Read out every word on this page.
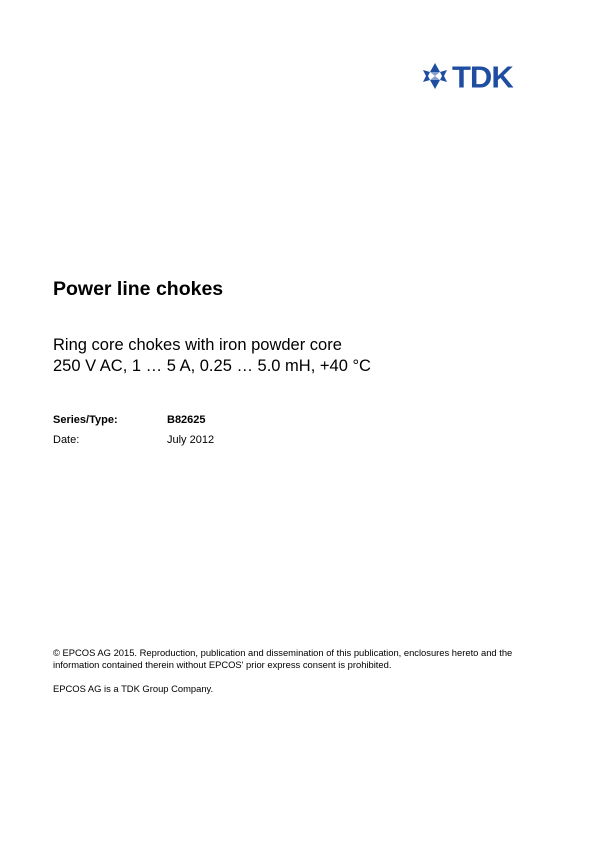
TDK
Power line chokes
Ring core chokes with iron powder core
250 V AC, 1 … 5 A, 0.25 … 5.0 mH, +40 °C
Series/Type:	B82625
Date:	July 2012
© EPCOS AG 2015. Reproduction, publication and dissemination of this publication, enclosures hereto and the
information contained therein without EPCOS' prior express consent is prohibited.
EPCOS AG is a TDK Group Company.
